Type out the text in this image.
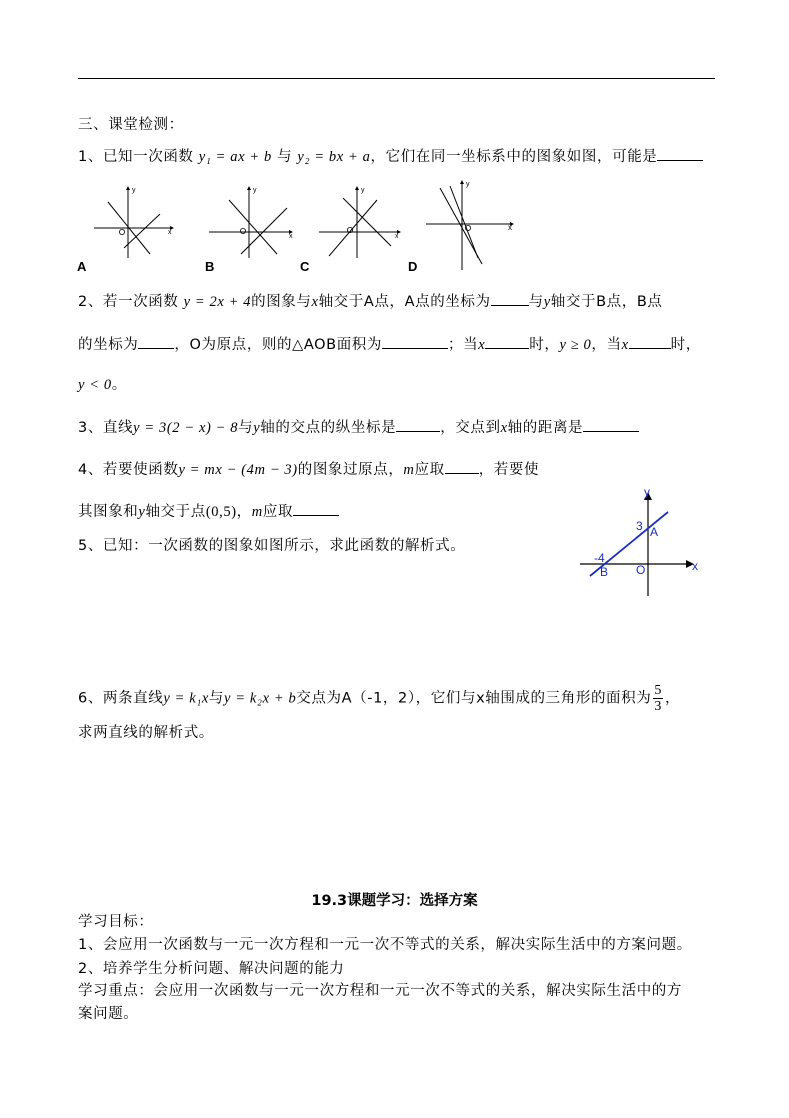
三、课堂检测：
1、已知一次函数 y₁ = ax + b 与 y₂ = bx + a，它们在同一坐标系中的图象如图，可能是
y
x
y
x
y
x
y
x
A	B	C	D
2、若一次函数 y = 2x + 4的图象与x轴交于A点，A点的坐标为	与y轴交于B点，B点
的坐标为 ，O为原点，则的△AOB面积为	；当x	时，y ≥ 0，当x	时，
y < 0。
3、直线y = 3(2 − x) − 8与y轴的交点的纵坐标是	，交点到x轴的距离是
4、若要使函数y = mx − (4m − 3)的图象过原点，m应取 ，若要使
其图象和y轴交于点(0,5)，m应取
5、已知：一次函数的图象如图所示，求此函数的解析式。
y
x
O
3 A
-4
B
6、两条直线y = k₁x与y = k₂x + b交点为A（-1，2），它们与x轴围成的三角形的面积为 $\frac{5}{3}$ ，
求两直线的解析式。
19.3课题学习：选择方案
学习目标：
1、会应用一次函数与一元一次方程和一元一次不等式的关系，解决实际生活中的方案问题。
2、培养学生分析问题、解决问题的能力
学习重点：会应用一次函数与一元一次方程和一元一次不等式的关系，解决实际生活中的方
案问题。
